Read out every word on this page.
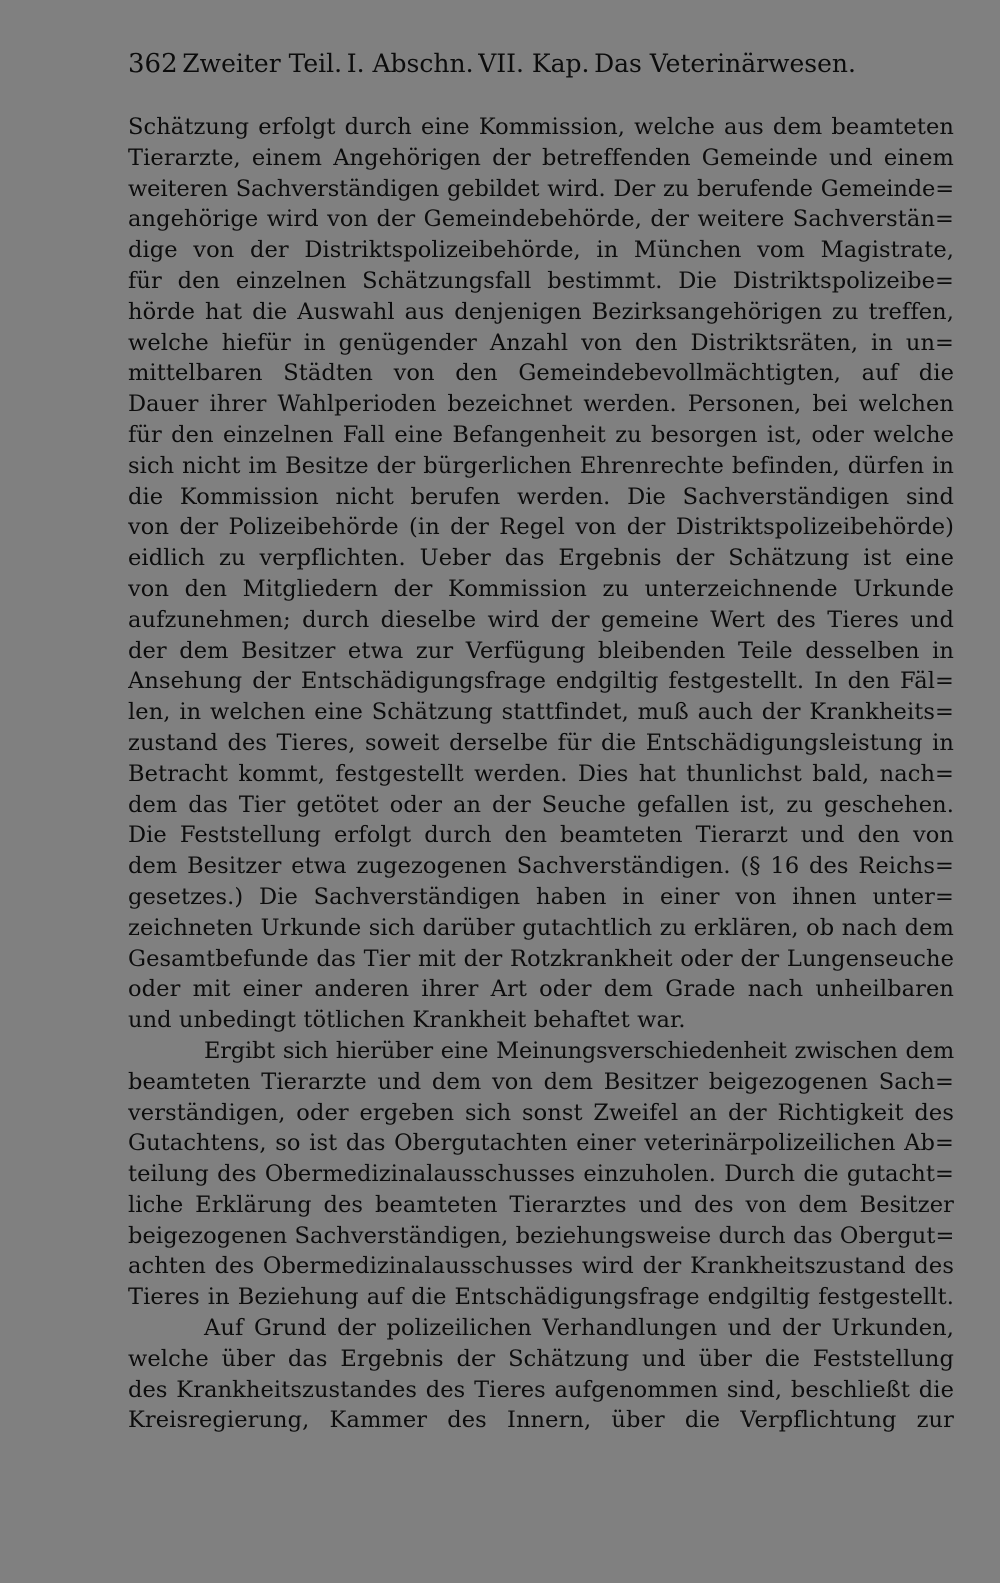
362 Zweiter Teil. I. Abschn. VII. Kap. Das Veterinärwesen.
Schätzung erfolgt durch eine Kommission, welche aus dem beamteten
Tierarzte, einem Angehörigen der betreffenden Gemeinde und einem
weiteren Sachverständigen gebildet wird. Der zu berufende Gemeinde=
angehörige wird von der Gemeindebehörde, der weitere Sachverstän=
dige von der Distriktspolizeibehörde, in München vom Magistrate,
für den einzelnen Schätzungsfall bestimmt. Die Distriktspolizeibe=
hörde hat die Auswahl aus denjenigen Bezirksangehörigen zu treffen,
welche hiefür in genügender Anzahl von den Distriktsräten, in un=
mittelbaren Städten von den Gemeindebevollmächtigten, auf die
Dauer ihrer Wahlperioden bezeichnet werden. Personen, bei welchen
für den einzelnen Fall eine Befangenheit zu besorgen ist, oder welche
sich nicht im Besitze der bürgerlichen Ehrenrechte befinden, dürfen in
die Kommission nicht berufen werden. Die Sachverständigen sind
von der Polizeibehörde (in der Regel von der Distriktspolizeibehörde)
eidlich zu verpflichten. Ueber das Ergebnis der Schätzung ist eine
von den Mitgliedern der Kommission zu unterzeichnende Urkunde
aufzunehmen; durch dieselbe wird der gemeine Wert des Tieres und
der dem Besitzer etwa zur Verfügung bleibenden Teile desselben in
Ansehung der Entschädigungsfrage endgiltig festgestellt. In den Fäl=
len, in welchen eine Schätzung stattfindet, muß auch der Krankheits=
zustand des Tieres, soweit derselbe für die Entschädigungsleistung in
Betracht kommt, festgestellt werden. Dies hat thunlichst bald, nach=
dem das Tier getötet oder an der Seuche gefallen ist, zu geschehen.
Die Feststellung erfolgt durch den beamteten Tierarzt und den von
dem Besitzer etwa zugezogenen Sachverständigen. (§ 16 des Reichs=
gesetzes.) Die Sachverständigen haben in einer von ihnen unter=
zeichneten Urkunde sich darüber gutachtlich zu erklären, ob nach dem
Gesamtbefunde das Tier mit der Rotzkrankheit oder der Lungenseuche
oder mit einer anderen ihrer Art oder dem Grade nach unheilbaren
und unbedingt tötlichen Krankheit behaftet war.
Ergibt sich hierüber eine Meinungsverschiedenheit zwischen dem
beamteten Tierarzte und dem von dem Besitzer beigezogenen Sach=
verständigen, oder ergeben sich sonst Zweifel an der Richtigkeit des
Gutachtens, so ist das Obergutachten einer veterinärpolizeilichen Ab=
teilung des Obermedizinalausschusses einzuholen. Durch die gutacht=
liche Erklärung des beamteten Tierarztes und des von dem Besitzer
beigezogenen Sachverständigen, beziehungsweise durch das Obergut=
achten des Obermedizinalausschusses wird der Krankheitszustand des
Tieres in Beziehung auf die Entschädigungsfrage endgiltig festgestellt.
Auf Grund der polizeilichen Verhandlungen und der Urkunden,
welche über das Ergebnis der Schätzung und über die Feststellung
des Krankheitszustandes des Tieres aufgenommen sind, beschließt die
Kreisregierung, Kammer des Innern, über die Verpflichtung zur
